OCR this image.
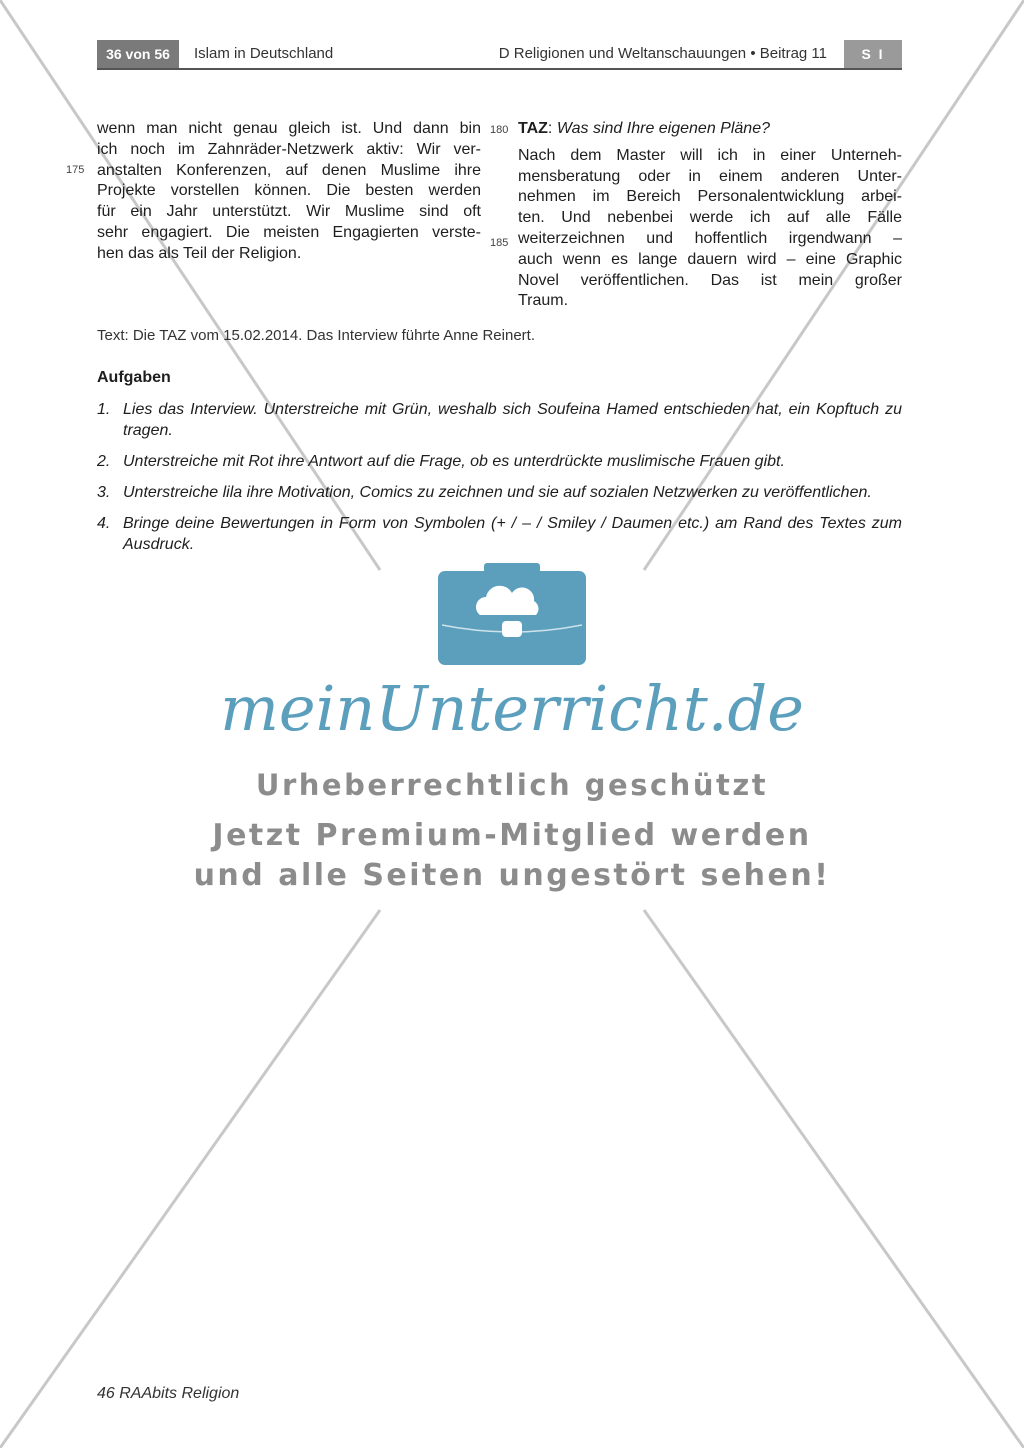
36 von 56	Islam in Deutschland	D Religionen und Weltanschauungen • Beitrag 11	S I
175
180
185

wenn man nicht genau gleich ist. Und dann bin

ich noch im Zahnräder-Netzwerk aktiv: Wir ver-

anstalten Konferenzen, auf denen Muslime ihre

Projekte vorstellen können. Die besten werden

für ein Jahr unterstützt. Wir Muslime sind oft

sehr engagiert. Die meisten Engagierten verste-

hen das als Teil der Religion.

TAZ: Was sind Ihre eigenen Pläne?

Nach dem Master will ich in einer Unterneh-

mensberatung oder in einem anderen Unter-

nehmen im Bereich Personalentwicklung arbei-

ten. Und nebenbei werde ich auf alle Fälle

weiterzeichnen und hoffentlich irgendwann –

auch wenn es lange dauern wird – eine Graphic

Novel veröffentlichen. Das ist mein großer

Traum.

Text: Die TAZ vom 15.02.2014. Das Interview führte Anne Reinert.
Aufgaben
1. Lies das Interview. Unterstreiche mit Grün, weshalb sich Soufeina Hamed entschieden hat, ein Kopftuch zu tragen.
2. Unterstreiche mit Rot ihre Antwort auf die Frage, ob es unterdrückte muslimische Frauen gibt.
3. Unterstreiche lila ihre Motivation, Comics zu zeichnen und sie auf sozialen Netzwerken zu veröffentlichen.
4. Bringe deine Bewertungen in Form von Symbolen (+ / – / Smiley / Daumen etc.) am Rand des Textes zum Ausdruck.
meinUnterricht.de
Urheberrechtlich geschützt
Jetzt Premium-Mitglied werden
und alle Seiten ungestört sehen!
46 RAAbits Religion
